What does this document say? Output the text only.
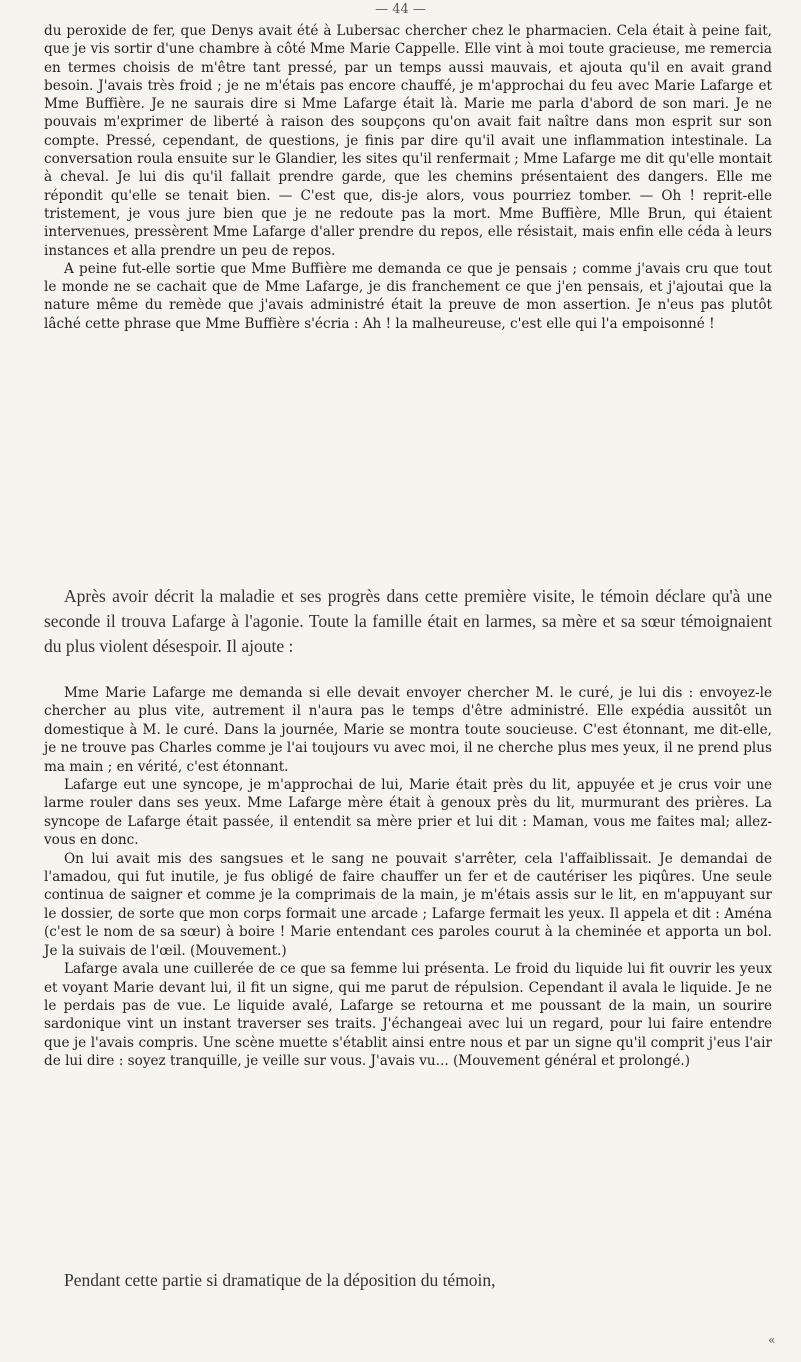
— 44 —

du peroxide de fer, que Denys avait été à Lubersac chercher chez le pharmacien. Cela était à peine fait, que je vis sortir d'une chambre à côté Mme Marie Cappelle. Elle vint à moi toute gracieuse, me remercia en termes choisis de m'être tant pressé, par un temps aussi mauvais, et ajouta qu'il en avait grand besoin. J'avais très froid ; je ne m'étais pas encore chauffé, je m'approchai du feu avec Marie Lafarge et Mme Buffière. Je ne saurais dire si Mme Lafarge était là. Marie me parla d'abord de son mari. Je ne pouvais m'exprimer de liberté à raison des soupçons qu'on avait fait naître dans mon esprit sur son compte. Pressé, cependant, de questions, je finis par dire qu'il avait une inflammation intestinale. La conversation roula ensuite sur le Glandier, les sites qu'il renfermait ; Mme Lafarge me dit qu'elle montait à cheval. Je lui dis qu'il fallait prendre garde, que les chemins présentaient des dangers. Elle me répondit qu'elle se tenait bien. — C'est que, dis-je alors, vous pourriez tomber. — Oh ! reprit-elle tristement, je vous jure bien que je ne redoute pas la mort. Mme Buffière, Mlle Brun, qui étaient intervenues, pressèrent Mme Lafarge d'aller prendre du repos, elle résistait, mais enfin elle céda à leurs instances et alla prendre un peu de repos.

A peine fut-elle sortie que Mme Buffière me demanda ce que je pensais ; comme j'avais cru que tout le monde ne se cachait que de Mme Lafarge, je dis franchement ce que j'en pensais, et j'ajoutai que la nature même du remède que j'avais administré était la preuve de mon assertion. Je n'eus pas plutôt lâché cette phrase que Mme Buffière s'écria : Ah ! la malheureuse, c'est elle qui l'a empoisonné !

Après avoir décrit la maladie et ses progrès dans cette première visite, le témoin déclare qu'à une seconde il trouva Lafarge à l'agonie. Toute la famille était en larmes, sa mère et sa sœur témoignaient du plus violent désespoir. Il ajoute :

Mme Marie Lafarge me demanda si elle devait envoyer chercher M. le curé, je lui dis : envoyez-le chercher au plus vite, autrement il n'aura pas le temps d'être administré. Elle expédia aussitôt un domestique à M. le curé. Dans la journée, Marie se montra toute soucieuse. C'est étonnant, me dit-elle, je ne trouve pas Charles comme je l'ai toujours vu avec moi, il ne cherche plus mes yeux, il ne prend plus ma main ; en vérité, c'est étonnant.

Lafarge eut une syncope, je m'approchai de lui, Marie était près du lit, appuyée et je crus voir une larme rouler dans ses yeux. Mme Lafarge mère était à genoux près du lit, murmurant des prières. La syncope de Lafarge était passée, il entendit sa mère prier et lui dit : Maman, vous me faites mal; allez-vous en donc.

On lui avait mis des sangsues et le sang ne pouvait s'arrêter, cela l'affaiblissait. Je demandai de l'amadou, qui fut inutile, je fus obligé de faire chauffer un fer et de cautériser les piqûres. Une seule continua de saigner et comme je la comprimais de la main, je m'étais assis sur le lit, en m'appuyant sur le dossier, de sorte que mon corps formait une arcade ; Lafarge fermait les yeux. Il appela et dit : Aména (c'est le nom de sa sœur) à boire ! Marie entendant ces paroles courut à la cheminée et apporta un bol. Je la suivais de l'œil. (Mouvement.)

Lafarge avala une cuillerée de ce que sa femme lui présenta. Le froid du liquide lui fit ouvrir les yeux et voyant Marie devant lui, il fit un signe, qui me parut de répulsion. Cependant il avala le liquide. Je ne le perdais pas de vue. Le liquide avalé, Lafarge se retourna et me poussant de la main, un sourire sardonique vint un instant traverser ses traits. J'échangeai avec lui un regard, pour lui faire entendre que je l'avais compris. Une scène muette s'établit ainsi entre nous et par un signe qu'il comprit j'eus l'air de lui dire : soyez tranquille, je veille sur vous. J'avais vu... (Mouvement général et prolongé.)

Pendant cette partie si dramatique de la déposition du témoin,

«
